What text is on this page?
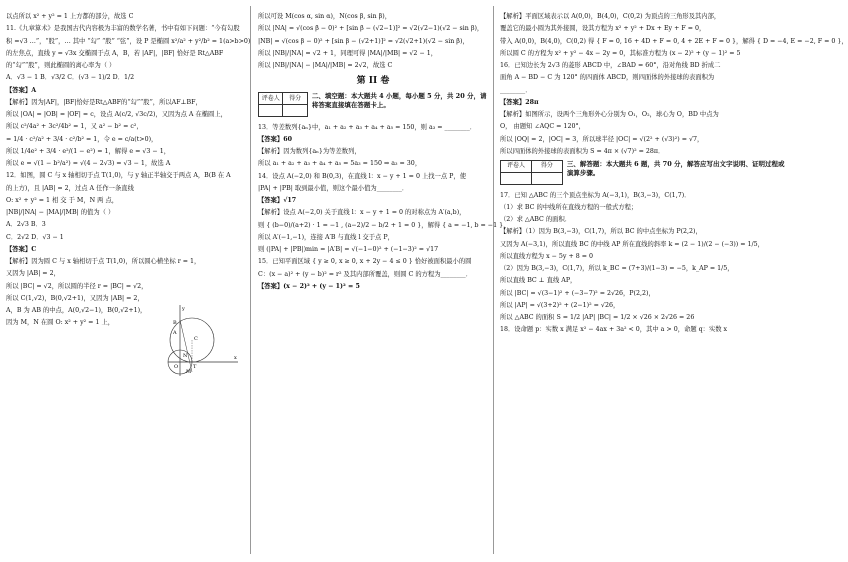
以点所以 x² + y² = 1 上方都的部分，故选 C

11.《九章算术》是我国古代内容极为丰富的数学名著，书中有如下问题：“今有勾股

积 =√3 …”，“股”，… 其中 “勾” “股” “弦”，设 P 是椭圆 x²/a² + y²/b² = 1(a>b>0)

的左焦点，直线 y = √3x 交椭圆于点 A，B，若 |AF|，|BF| 恰好是 Rt△ABF

的“勾”“股”，则此椭圆的离心率为（ ）

A．√3 − 1 B．√3/2 C．(√3 − 1)/2 D．1/2

【答案】A

【解析】因为|AF|，|BF|恰好是Rt△ABF的“勾”“股”，所以AF⊥BF，

所以 |OA| = |OB| = |OF| = c，设点 A(c/2, √3c/2)，又因为点 A 在椭圆上，

所以 c²/4a² + 3c²/4b² = 1，又 a² − b² = c²，

= 1/4 · c²/a² + 3/4 · c²/b² = 1，令 e = c/a(t>0)，

所以 1/4e² + 3/4 · e²/(1 − e²) = 1，解得 e = √3 − 1，

所以 e = √(1 − b²/a²) = √(4 − 2√3) = √3 − 1，故选 A

12．如图，圆 C 与 x 轴相切于点 T(1,0)，与 y 轴正半轴交于两点 A，B(B 在 A

的上方)，且 |AB| = 2，过点 A 任作一条直线

O: x² + y² = 1 相 交 于 M，N 两 点，

|NB|/|NA| − |MA|/|MB| 的值为（ ）

A．2√3 B．3

C．2√2 D．√3 − 1

【答案】C

【解析】因为圆 C 与 x 轴相切于点 T(1,0)，所以圆心横坐标 r = 1，

又因为 |AB| = 2，

所以 |BC| = √2，所以圆的半径 r = |BC| = √2，

所以 C(1,√2)，B(0,√2+1)，又因为 |AB| = 2，

A，B 为 AB 的中点，A(0,√2−1)，B(0,√2+1)，

因为 M，N 在圆 O: x² + y² = 1 上，

y
B
A
C
N
M
O	T
x

所以可设 M(cos α, sin α)，N(cos β, sin β)，

所以 |NA| = √(cos β − 0)² + [sin β − (√2−1)]² = √2(√2−1)(√2 − sin β)，

|NB| = √(cos β − 0)² + [sin β − (√2+1)]² = √2(√2+1)(√2 − sin β)，

所以 |NB|/|NA| = √2 + 1，同理可得 |MA|/|MB| = √2 − 1，

所以 |NB|/|NA| − |MA|/|MB| = 2√2，故选 C

第 II 卷
评卷人	得分
	二、填空题：本大题共 4 小题，每小题 5 分，共 20 分，请将答案直接填在答题卡上。

13．等差数列{aₙ}中，a₁ + a₂ + a₃ + a₄ + a₅ = 150，则 a₃ = ________．

【答案】60

【解析】因为数列{aₙ}为等差数列，

所以 a₁ + a₂ + a₃ + a₄ + a₅ = 5a₃ = 150 ⇒ a₃ = 30，

14．设点 A(−2,0) 和 B(0,3)，在直线 l：x − y + 1 = 0 上找一点 P，使

|PA| + |PB| 取到最小值，则这个最小值为________．

【答案】√17

【解析】设点 A(−2,0) 关于直线 l：x − y + 1 = 0 的对称点为 A′(a,b)，

则 { (b−0)/(a+2) · 1 = −1 , (a−2)/2 − b/2 + 1 = 0 }，解得 { a = −1, b = −1 }，

所以 A′(−1,−1)，连接 A′B 与直线 l 交于点 P，

则 (|PA| + |PB|)min = |A′B| = √(−1−0)² + (−1−3)² = √17

15．已知平面区域 { y ≥ 0, x ≥ 0, x + 2y − 4 ≤ 0 } 恰好被面积最小的圆

C：(x − a)² + (y − b)² = r² 及其内部所覆盖，则圆 C 的方程为________．

【答案】(x − 2)² + (y − 1)² = 5

【解析】平面区域表示以 A(0,0)，B(4,0)，C(0,2) 为顶点的三角形及其内部，

覆盖它的最小圆为其外接圆，设其方程为 x² + y² + Dx + Ey + F = 0，

带入 A(0,0)，B(4,0)，C(0,2) 得 { F = 0, 16 + 4D + F = 0, 4 + 2E + F = 0 }，解得 { D = −4, E = −2, F = 0 }，

所以圆 C 的方程为 x² + y² − 4x − 2y = 0，其标准方程为 (x − 2)² + (y − 1)² = 5

16．已知边长为 2√3 的菱形 ABCD 中，∠BAD = 60°，沿对角线 BD 折成二

面角 A − BD − C 为 120° 的四面体 ABCD，则四面体的外接球的表面积为

________．

【答案】28π

【解析】如图所示，设两个三角形外心分别为 O₁，O₂，球心为 O，BD 中点为

O， 由题知 ∠AQC = 120°，

所以 |OQ| = 2，|OC| = 3，所以球半径 |OC| = √(2² + (√3)²) = √7，

所以四面体的外接球的表面积为 S = 4π × (√7)² = 28π．

评卷人	得分
	三、解答题：本大题共 6 题，共 70 分，解答应写出文字说明、证明过程或演算步骤。

17．已知 △ABC 的三个顶点坐标为 A(−3,1)，B(3,−3)，C(1,7)．

（1）求 BC 的中线所在直线方程的一般式方程；

（2）求 △ABC 的面积．

【解析】（1）因为 B(3,−3)，C(1,7)，所以 BC 的中点坐标为 P(2,2)，

又因为 A(−3,1)，所以直线 BC 的中线 AP 所在直线的斜率 k = (2 − 1)/(2 − (−3)) = 1/5，

所以直线方程为 x − 5y + 8 = 0

（2）因为 B(3,−3)，C(1,7)，所以 k_BC = (7+3)/(1−3) = −5，k_AP = 1/5，

所以直线 BC ⊥ 直线 AP，

所以 |BC| = √(3−1)² + (−3−7)² = 2√26，P(2,2)，

所以 |AP| = √(3+2)² + (2−1)² = √26，

所以 △ABC 的面积 S = 1/2 |AP| |BC| = 1/2 × √26 × 2√26 = 26

18．设命题 p：实数 x 满足 x² − 4ax + 3a² < 0，其中 a > 0，命题 q：实数 x
